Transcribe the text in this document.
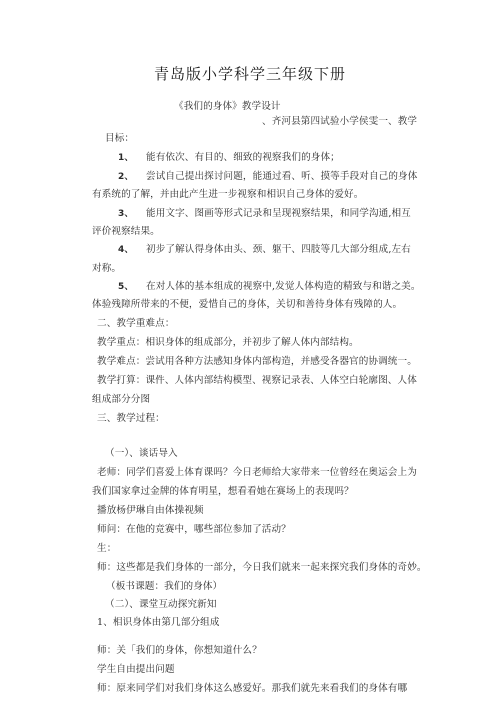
青岛版小学科学三年级下册
《我们的身体》教学设计
、齐河县第四试验小学侯雯一、教学
目标：
1、 能有依次、有目的、细致的视察我们的身体；
2、 尝试自己提出探讨问题，能通过看、听、摸等手段对自己的身体
有系统的了解，并由此产生进一步视察和相识自己身体的爱好。
3、 能用文字、图画等形式记录和呈现视察结果，和同学沟通,相互
评价视察结果。
4、 初步了解认得身体由头、颈、躯干、四肢等几大部分组成,左右
对称。
5、 在对人体的基本组成的视察中,发觉人体构造的精致与和谐之美。
体验残障所带来的不便，爱惜自己的身体，关切和善待身体有残障的人。
二、教学重难点：
教学重点：相识身体的组成部分，并初步了解人体内部结构。
教学难点：尝试用各种方法感知身体内部构造，并感受各器官的协调统一。
教学打算：课件、人体内部结构模型、视察记录表、人体空白轮廓图、人体
组成部分分图
三、教学过程：
（一）、谈话导入
老师：同学们喜爱上体育课吗？今日老师给大家带来一位曾经在奥运会上为
我们国家拿过金牌的体育明星，想看看她在赛场上的表现吗？
播放杨伊琳自由体操视频
师问：在他的竞赛中，哪些部位参加了活动？
生：
师：这些都是我们身体的一部分，今日我们就来一起来探究我们身体的奇妙。
（板书课题：我们的身体）
（二）、课堂互动探究新知
1、相识身体由第几部分组成
师：关「我们的身体，你想知道什么？
学生自由提出问题
师：原来同学们对我们身体这么感爱好。那我们就先来看我们的身体有哪
